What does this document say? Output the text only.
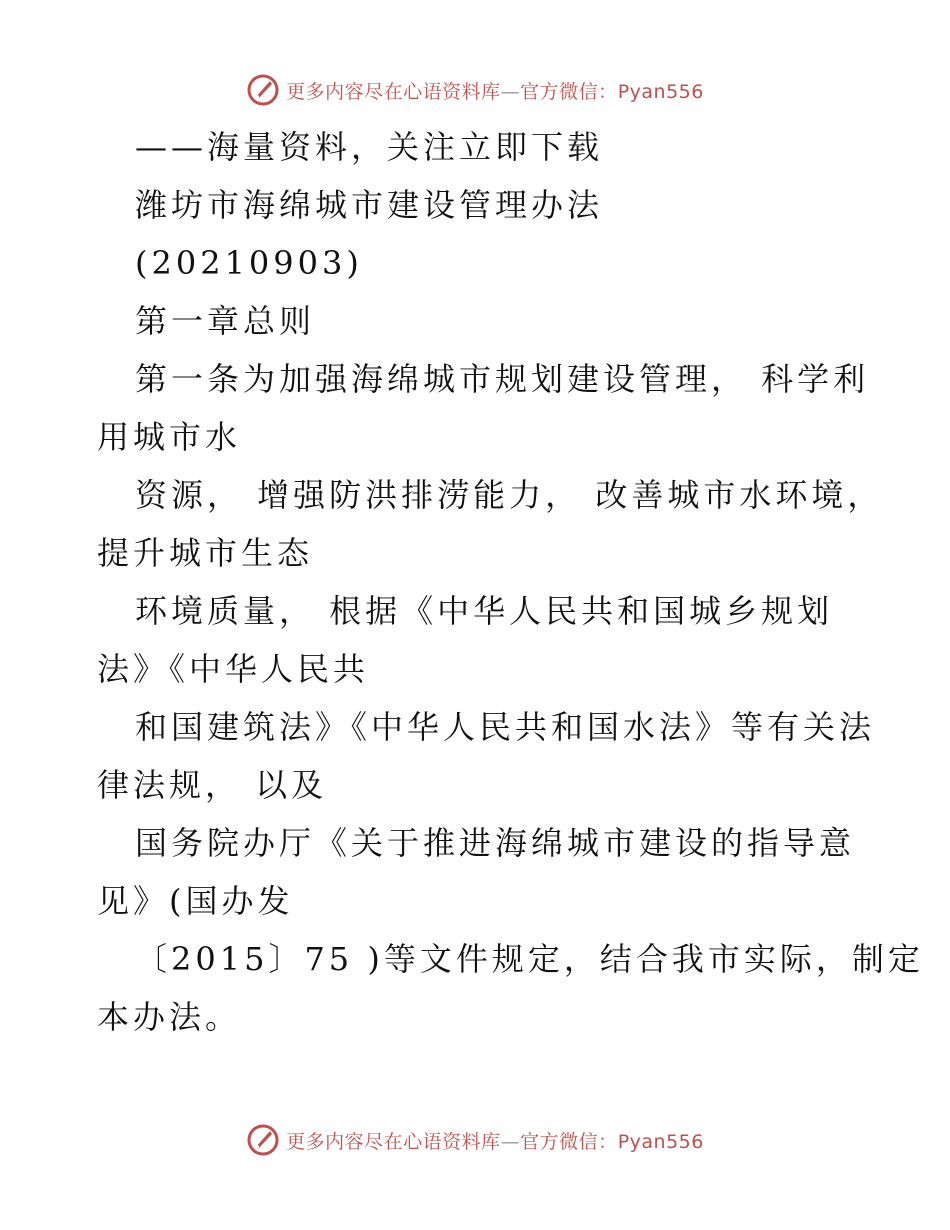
更多内容尽在心语资料库—官方微信：Pyan556
——海量资料，关注立即下载
潍坊市海绵城市建设管理办法
(20210903)
第一章总则
第一条为加强海绵城市规划建设管理， 科学利
用城市水
资源， 增强防洪排涝能力， 改善城市水环境，
提升城市生态
环境质量， 根据《中华人民共和国城乡规划
法》《中华人民共
和国建筑法》《中华人民共和国水法》等有关法
律法规， 以及
国务院办厅《关于推进海绵城市建设的指导意
见》(国办发
〔2015〕75 )等文件规定，结合我市实际，制定
本办法。
更多内容尽在心语资料库—官方微信：Pyan556
